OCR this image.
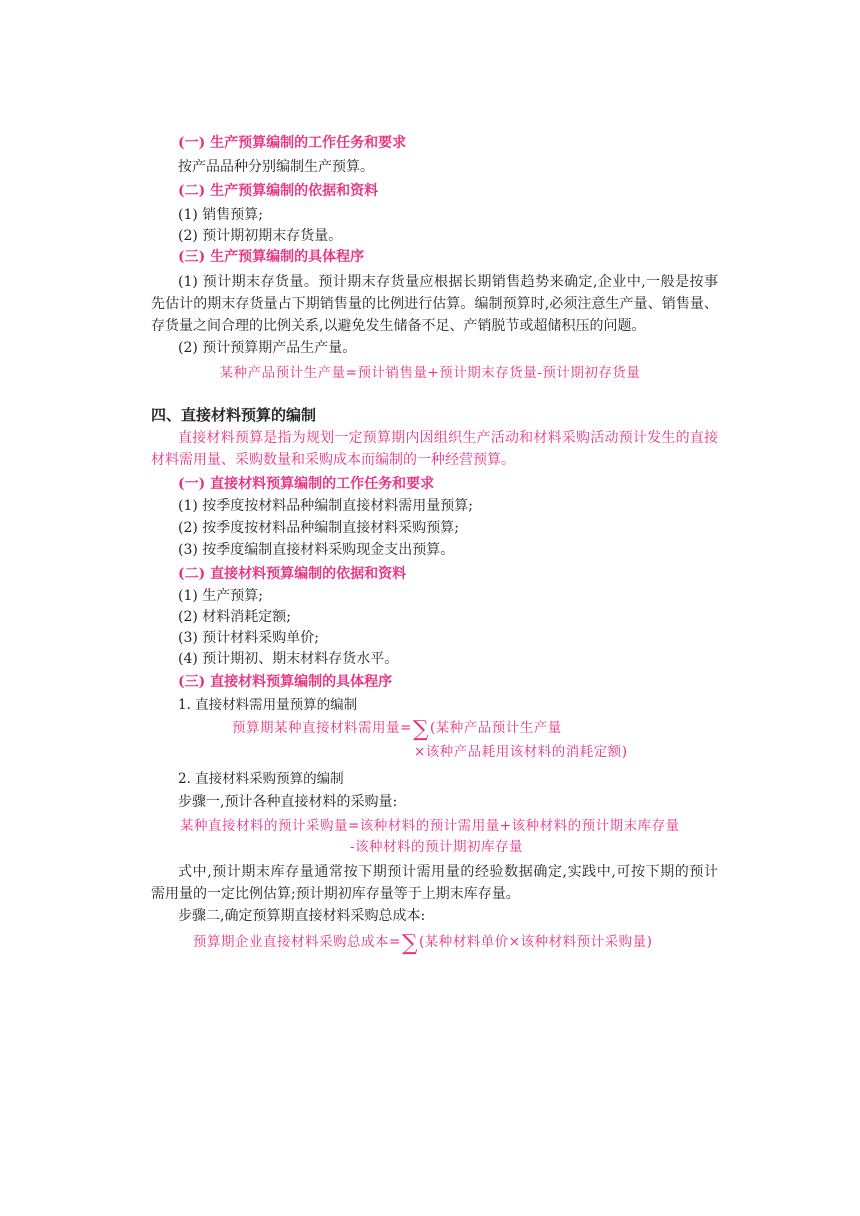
(一) 生产预算编制的工作任务和要求
按产品品种分别编制生产预算。
(二) 生产预算编制的依据和资料
(1) 销售预算;
(2) 预计期初期末存货量。
(三) 生产预算编制的具体程序
(1) 预计期末存货量。预计期末存货量应根据长期销售趋势来确定,企业中,一般是按事
先估计的期末存货量占下期销售量的比例进行估算。编制预算时,必须注意生产量、销售量、
存货量之间合理的比例关系,以避免发生储备不足、产销脱节或超储积压的问题。
(2) 预计预算期产品生产量。
某种产品预计生产量=预计销售量+预计期末存货量-预计期初存货量
四、直接材料预算的编制
直接材料预算是指为规划一定预算期内因组织生产活动和材料采购活动预计发生的直接
材料需用量、采购数量和采购成本而编制的一种经营预算。
(一) 直接材料预算编制的工作任务和要求
(1) 按季度按材料品种编制直接材料需用量预算;
(2) 按季度按材料品种编制直接材料采购预算;
(3) 按季度编制直接材料采购现金支出预算。
(二) 直接材料预算编制的依据和资料
(1) 生产预算;
(2) 材料消耗定额;
(3) 预计材料采购单价;
(4) 预计期初、期末材料存货水平。
(三) 直接材料预算编制的具体程序
1. 直接材料需用量预算的编制
预算期某种直接材料需用量=∑(某种产品预计生产量
×该种产品耗用该材料的消耗定额)
2. 直接材料采购预算的编制
步骤一,预计各种直接材料的采购量:
某种直接材料的预计采购量=该种材料的预计需用量+该种材料的预计期末库存量
-该种材料的预计期初库存量
式中,预计期末库存量通常按下期预计需用量的经验数据确定,实践中,可按下期的预计
需用量的一定比例估算;预计期初库存量等于上期末库存量。
步骤二,确定预算期直接材料采购总成本:
预算期企业直接材料采购总成本=∑(某种材料单价×该种材料预计采购量)
